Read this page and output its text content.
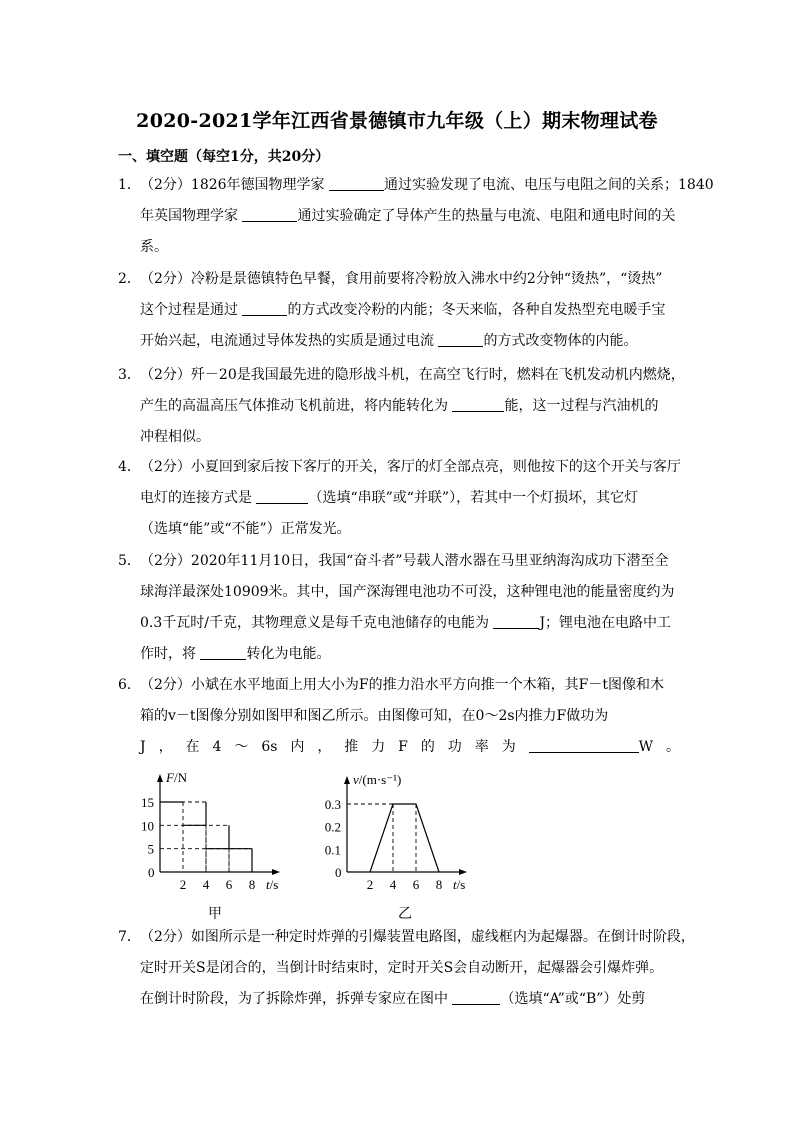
2020-2021学年江西省景德镇市九年级（上）期末物理试卷
一、填空题（每空1分，共20分）
1． （2分）1826年德国物理学家	通过实验发现了电流、电压与电阻之间的关系；1840
年英国物理学家	通过实验确定了导体产生的热量与电流、电阻和通电时间的关
系。
2． （2分）冷粉是景德镇特色早餐，食用前要将冷粉放入沸水中约2分钟“烫热”，“烫热”
这个过程是通过	的方式改变冷粉的内能；冬天来临，各种自发热型充电暖手宝
开始兴起，电流通过导体发热的实质是通过电流	的方式改变物体的内能。
3． （2分）歼－20是我国最先进的隐形战斗机，在高空飞行时，燃料在飞机发动机内燃烧，
产生的高温高压气体推动飞机前进，将内能转化为	能，这一过程与汽油机的
冲程相似。
4． （2分）小夏回到家后按下客厅的开关，客厅的灯全部点亮，则他按下的这个开关与客厅
电灯的连接方式是	（选填“串联”或“并联”），若其中一个灯损坏，其它灯
（选填“能”或“不能”）正常发光。
5． （2分）2020年11月10日，我国“奋斗者”号载人潜水器在马里亚纳海沟成功下潜至全
球海洋最深处10909米。其中，国产深海锂电池功不可没，这种锂电池的能量密度约为
0.3千瓦时/千克，其物理意义是每千克电池储存的电能为	J；锂电池在电路中工
作时，将	转化为电能。
6． （2分）小斌在水平地面上用大小为F的推力沿水平方向推一个木箱，其F－t图像和木
箱的v－t图像分别如图甲和图乙所示。由图像可知，在0～2s内推力F做功为
J ， 在 4 ～ 6s 内 ， 推 力 F 的 功 率 为	W 。
7． （2分）如图所示是一种定时炸弹的引爆装置电路图，虚线框内为起爆器。在倒计时阶段，
定时开关S是闭合的，当倒计时结束时，定时开关S会自动断开，起爆器会引爆炸弹。
在倒计时阶段，为了拆除炸弹，拆弹专家应在图中	（选填“A”或“B”）处剪
F/N
t/s
0
2 4 6 8
5
10
15
甲
v/(m·s⁻¹)
t/s
0
2 4 6 8
0.1
0.2
0.3
乙
